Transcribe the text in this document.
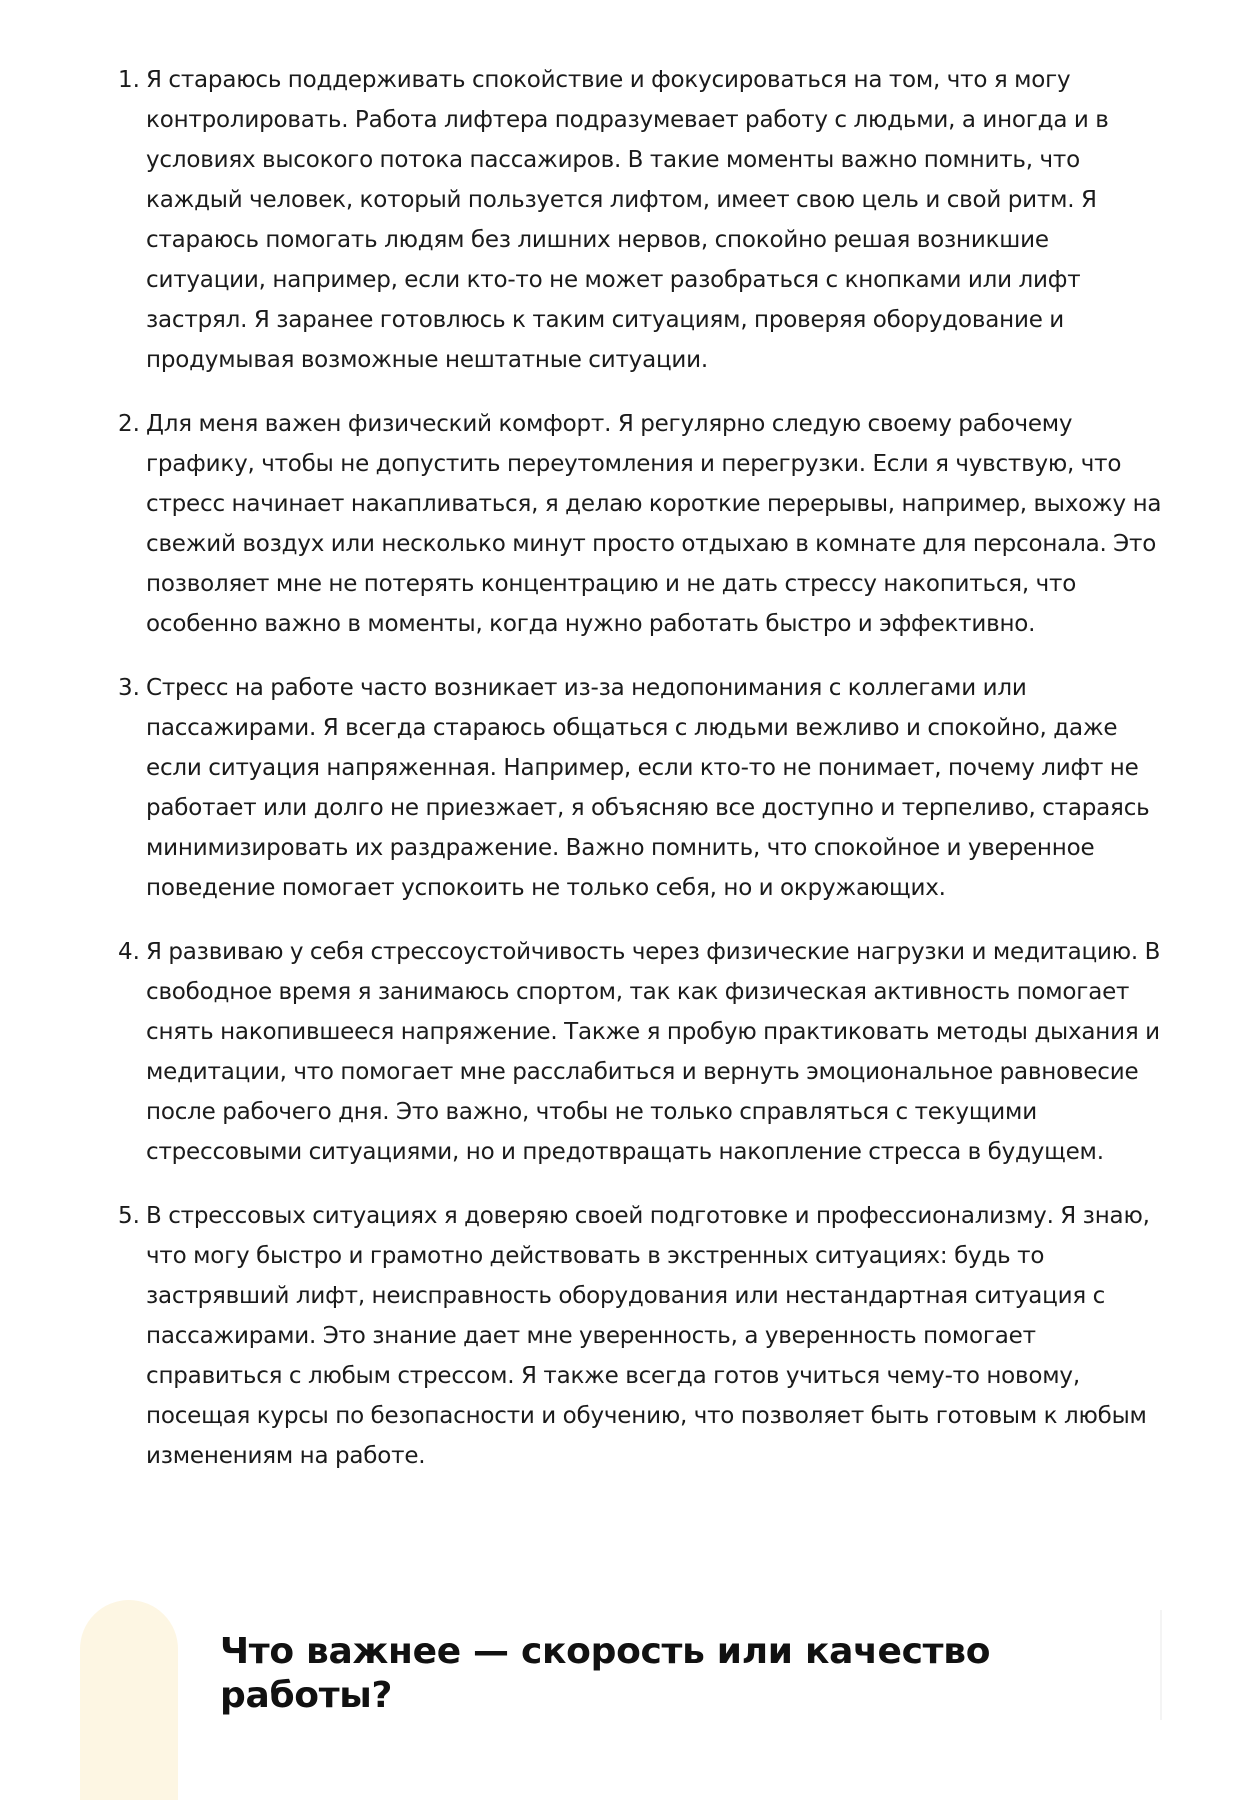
1. Я стараюсь поддерживать спокойствие и фокусироваться на том, что я могу контролировать. Работа лифтера подразумевает работу с людьми, а иногда и в условиях высокого потока пассажиров. В такие моменты важно помнить, что каждый человек, который пользуется лифтом, имеет свою цель и свой ритм. Я стараюсь помогать людям без лишних нервов, спокойно решая возникшие ситуации, например, если кто-то не может разобраться с кнопками или лифт застрял. Я заранее готовлюсь к таким ситуациям, проверяя оборудование и продумывая возможные нештатные ситуации.
2. Для меня важен физический комфорт. Я регулярно следую своему рабочему графику, чтобы не допустить переутомления и перегрузки. Если я чувствую, что стресс начинает накапливаться, я делаю короткие перерывы, например, выхожу на свежий воздух или несколько минут просто отдыхаю в комнате для персонала. Это позволяет мне не потерять концентрацию и не дать стрессу накопиться, что особенно важно в моменты, когда нужно работать быстро и эффективно.
3. Стресс на работе часто возникает из-за недопонимания с коллегами или пассажирами. Я всегда стараюсь общаться с людьми вежливо и спокойно, даже если ситуация напряженная. Например, если кто-то не понимает, почему лифт не работает или долго не приезжает, я объясняю все доступно и терпеливо, стараясь минимизировать их раздражение. Важно помнить, что спокойное и уверенное поведение помогает успокоить не только себя, но и окружающих.
4. Я развиваю у себя стрессоустойчивость через физические нагрузки и медитацию. В свободное время я занимаюсь спортом, так как физическая активность помогает снять накопившееся напряжение. Также я пробую практиковать методы дыхания и медитации, что помогает мне расслабиться и вернуть эмоциональное равновесие после рабочего дня. Это важно, чтобы не только справляться с текущими стрессовыми ситуациями, но и предотвращать накопление стресса в будущем.
5. В стрессовых ситуациях я доверяю своей подготовке и профессионализму. Я знаю, что могу быстро и грамотно действовать в экстренных ситуациях: будь то застрявший лифт, неисправность оборудования или нестандартная ситуация с пассажирами. Это знание дает мне уверенность, а уверенность помогает справиться с любым стрессом. Я также всегда готов учиться чему-то новому, посещая курсы по безопасности и обучению, что позволяет быть готовым к любым изменениям на работе.
Что важнее — скорость или качество работы?
